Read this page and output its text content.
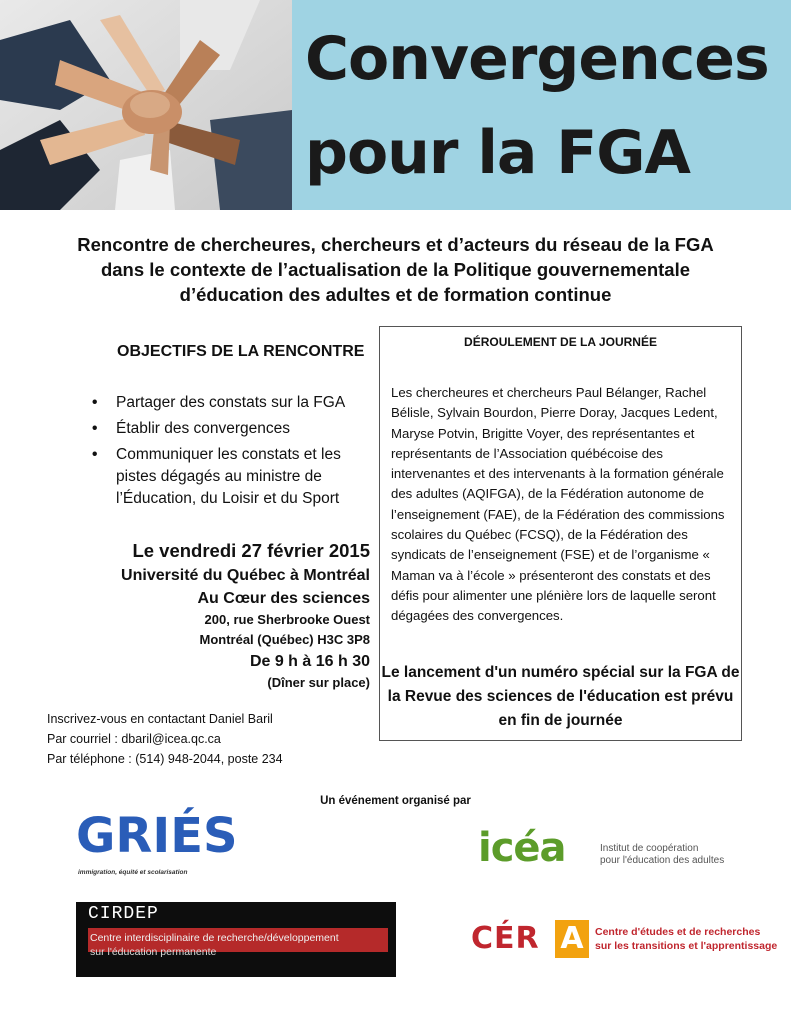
Convergences
pour la FGA
Rencontre de chercheures, chercheurs et d’acteurs du réseau de la FGA
dans le contexte de l’actualisation de la Politique gouvernementale
d’éducation des adultes et de formation continue
OBJECTIFS DE LA RENCONTRE
• Partager des constats sur la FGA
• Établir des convergences
• Communiquer les constats et les pistes dégagés au ministre de l’Éducation, du Loisir et du Sport
Le vendredi 27 février 2015
Université du Québec à Montréal
Au Cœur des sciences
200, rue Sherbrooke Ouest
Montréal (Québec) H3C 3P8
De 9 h à 16 h 30
(Dîner sur place)
Inscrivez-vous en contactant Daniel Baril
Par courriel : dbaril@icea.qc.ca
Par téléphone : (514) 948-2044, poste 234
DÉROULEMENT DE LA JOURNÉE
Les chercheures et chercheurs Paul Bélanger, Rachel Bélisle, Sylvain Bourdon, Pierre Doray, Jacques Ledent, Maryse Potvin, Brigitte Voyer, des représentantes et représentants de l’Association québécoise des intervenantes et des intervenants à la formation générale des adultes (AQIFGA), de la Fédération autonome de l’enseignement (FAE), de la Fédération des commissions scolaires du Québec (FCSQ), de la Fédération des syndicats de l’enseignement (FSE) et de l’organisme « Maman va à l’école » présenteront des constats et des défis pour alimenter une plénière lors de laquelle seront dégagées des convergences.
Le lancement d'un numéro spécial sur la FGA de la Revue des sciences de l'éducation est prévu en fin de journée
Un événement organisé par
GRIÉS
immigration, équité et scolarisation
icéa	Institut de coopération
pour l'éducation des adultes
CIRDEP
Centre interdisciplinaire de recherche/développement
sur l'éducation permanente	CÉR A	Centre d'études et de recherches
sur les transitions et l'apprentissage
